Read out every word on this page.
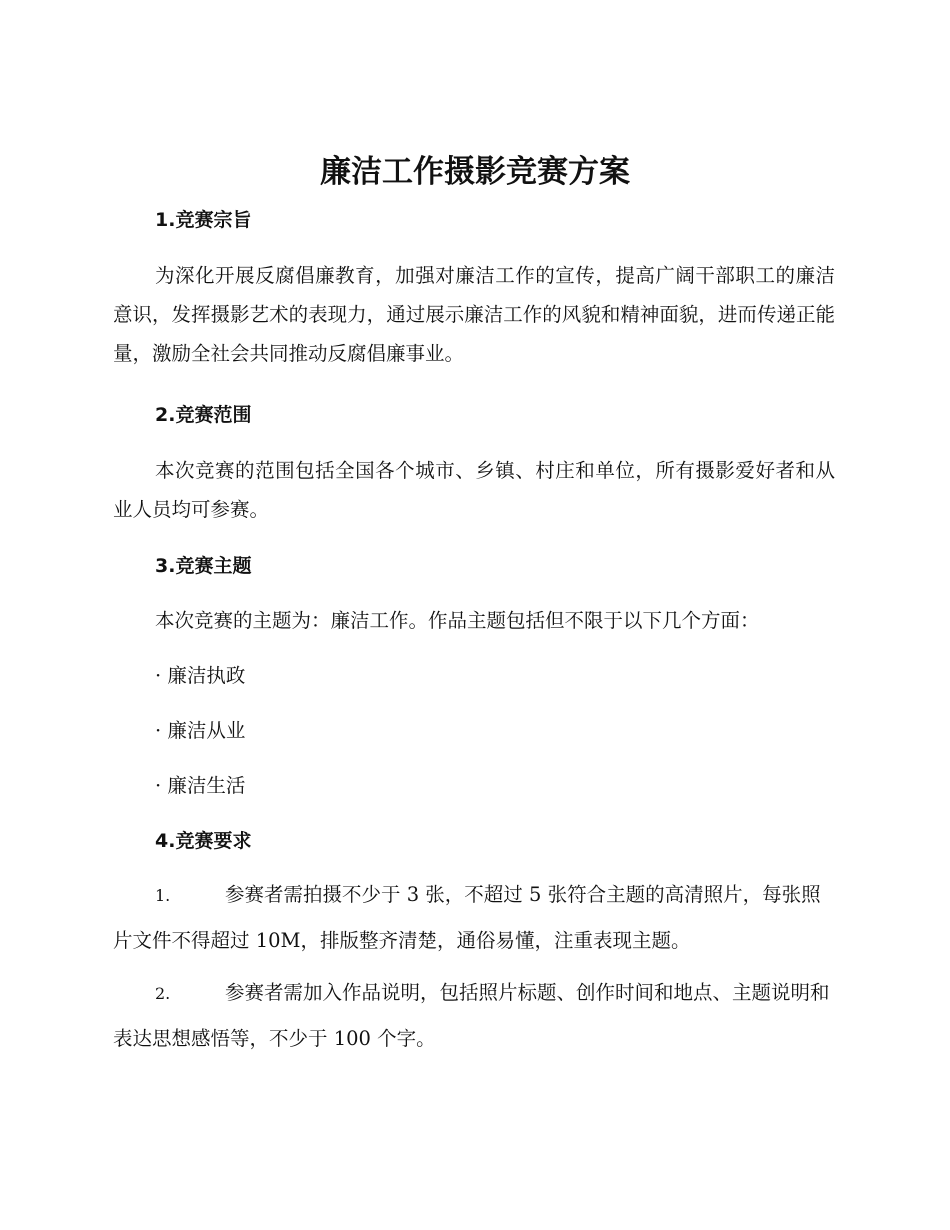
廉洁工作摄影竞赛方案
1.竞赛宗旨

为深化开展反腐倡廉教育，加强对廉洁工作的宣传，提高广阔干部职工的廉洁意识，发挥摄影艺术的表现力，通过展示廉洁工作的风貌和精神面貌，进而传递正能量，激励全社会共同推动反腐倡廉事业。

2.竞赛范围

本次竞赛的范围包括全国各个城市、乡镇、村庄和单位，所有摄影爱好者和从业人员均可参赛。

3.竞赛主题
本次竞赛的主题为：廉洁工作。作品主题包括但不限于以下几个方面：
· 廉洁执政
· 廉洁从业
· 廉洁生活
4.竞赛要求

1.	参赛者需拍摄不少于 3 张，不超过 5 张符合主题的高清照片，每张照片文件不得超过 10M，排版整齐清楚，通俗易懂，注重表现主题。

2.	参赛者需加入作品说明，包括照片标题、创作时间和地点、主题说明和表达思想感悟等，不少于 100 个字。
